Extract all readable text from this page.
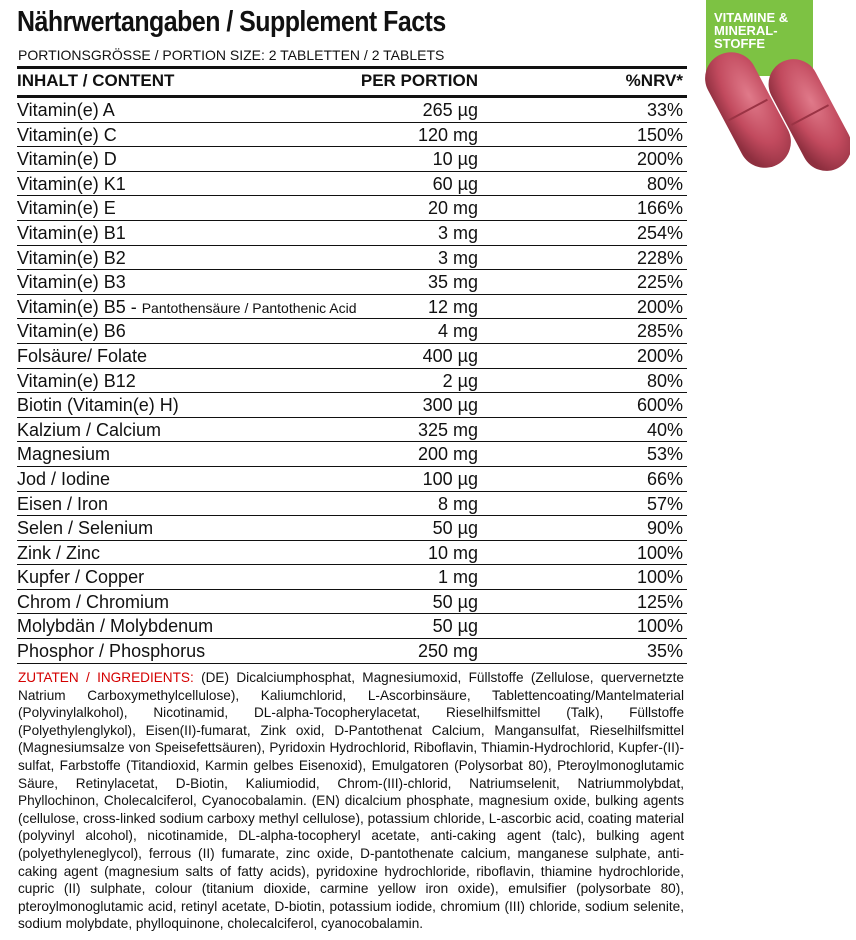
Nährwertangaben / Supplement Facts
PORTIONSGRÖSSE / PORTION SIZE: 2 TABLETTEN / 2 TABLETS
INHALT / CONTENT	PER PORTION	%NRV*
Vitamin(e) A	265 µg	33%
Vitamin(e) C	120 mg	150%
Vitamin(e) D	10 µg	200%
Vitamin(e) K1	60 µg	80%
Vitamin(e) E	20 mg	166%
Vitamin(e) B1	3 mg	254%
Vitamin(e) B2	3 mg	228%
Vitamin(e) B3	35 mg	225%
Vitamin(e) B5 - Pantothensäure / Pantothenic Acid	12 mg	200%
Vitamin(e) B6	4 mg	285%
Folsäure/ Folate	400 µg	200%
Vitamin(e) B12	2 µg	80%
Biotin (Vitamin(e) H)	300 µg	600%
Kalzium / Calcium	325 mg	40%
Magnesium	200 mg	53%
Jod / Iodine	100 µg	66%
Eisen / Iron	8 mg	57%
Selen / Selenium	50 µg	90%
Zink / Zinc	10 mg	100%
Kupfer / Copper	1 mg	100%
Chrom / Chromium	50 µg	125%
Molybdän / Molybdenum	50 µg	100%
Phosphor / Phosphorus	250 mg	35%
ZUTATEN / INGREDIENTS: (DE) Dicalciumphosphat, Magnesiumoxid, Füllstoffe (Zellulose, quervernetzte Natrium Carboxymethylcellulose), Kaliumchlorid, L-Ascorbinsäure, Tablettencoating/Mantelmaterial (Polyvinylalkohol), Nicotinamid, DL-alpha-Tocopherylacetat, Rieselhilfsmittel (Talk), Füllstoffe (Polyethylenglykol), Eisen(II)-fumarat, Zink oxid, D-Pantothenat Calcium, Mangansulfat, Rieselhilfsmittel (Magnesiumsalze von Speisefettsäuren), Pyridoxin Hydrochlorid, Riboflavin, Thiamin-Hydrochlorid, Kupfer-(II)-sulfat, Farbstoffe (Titandioxid, Karmin gelbes Eisenoxid), Emulgatoren (Polysorbat 80), Pteroylmonoglutamic Säure, Retinylacetat, D-Biotin, Kaliumiodid, Chrom-(III)-chlorid, Natriumselenit, Natriummolybdat, Phyllochinon, Cholecalciferol, Cyanocobalamin. (EN) dicalcium phosphate, magnesium oxide, bulking agents (cellulose, cross-linked sodium carboxy methyl cellulose), potassium chloride, L-ascorbic acid, coating material (polyvinyl alcohol), nicotinamide, DL-alpha-tocopheryl acetate, anti-caking agent (talc), bulking agent (polyethyleneglycol), ferrous (II) fumarate, zinc oxide, D-pantothenate calcium, manganese sulphate, anti-caking agent (magnesium salts of fatty acids), pyridoxine hydrochloride, riboflavin, thiamine hydrochloride, cupric (II) sulphate, colour (titanium dioxide, carmine yellow iron oxide), emulsifier (polysorbate 80), pteroylmonoglutamic acid, retinyl acetate, D-biotin, potassium iodide, chromium (III) chloride, sodium selenite, sodium molybdate, phylloquinone, cholecalciferol, cyanocobalamin.
VITAMINE &
MINERAL-
STOFFE
